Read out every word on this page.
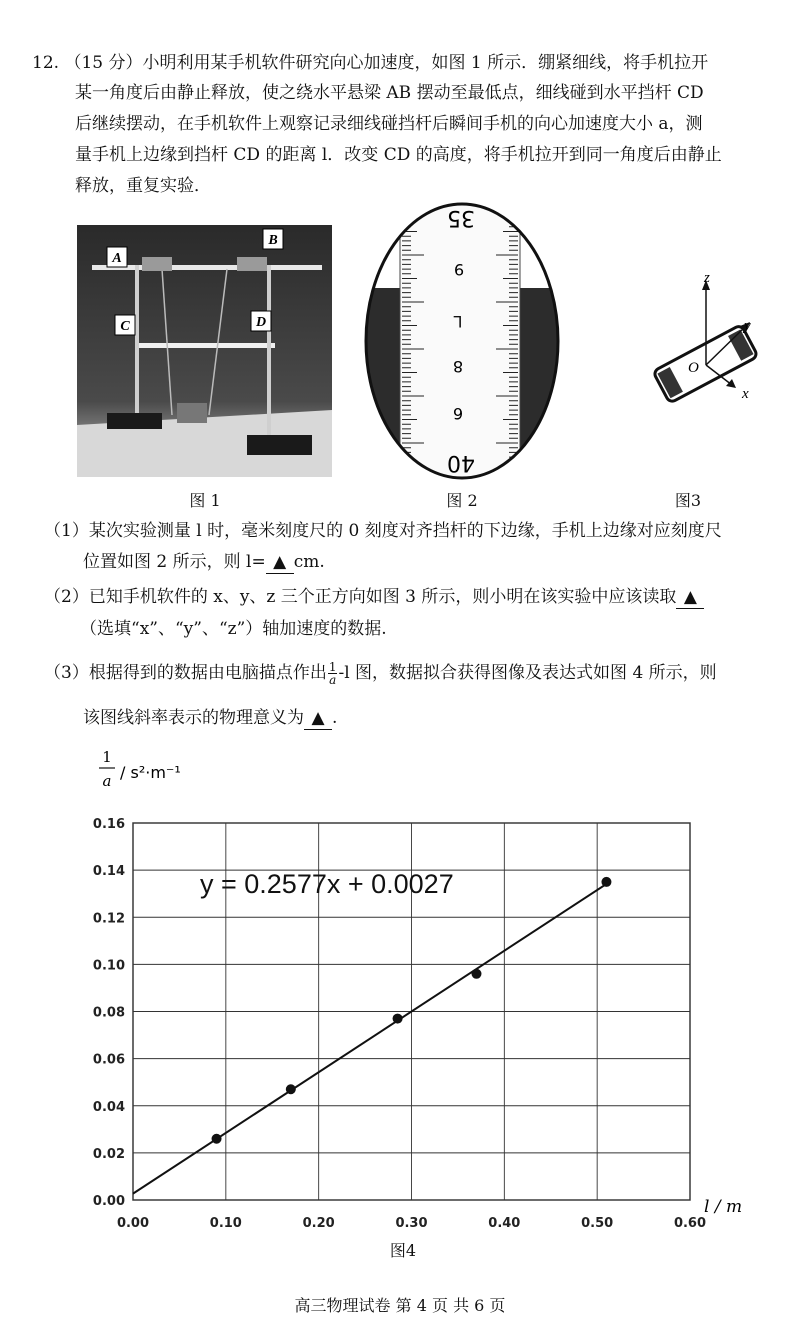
12. （15 分）小明利用某手机软件研究向心加速度，如图 1 所示．绷紧细线，将手机拉开
某一角度后由静止释放，使之绕水平悬梁 AB 摆动至最低点，细线碰到水平挡杆 CD
后继续摆动，在手机软件上观察记录细线碰挡杆后瞬间手机的向心加速度大小 a，测
量手机上边缘到挡杆 CD 的距离 l．改变 CD 的高度，将手机拉开到同一角度后由静止
释放，重复实验．
A
B
C	D
图 1
35
9
L
8
6
40
图 2
z
y
O
x
图3
（1）某次实验测量 l 时，毫米刻度尺的 0 刻度对齐挡杆的下边缘，手机上边缘对应刻度尺
位置如图 2 所示，则 l= ▲ cm.
（2）已知手机软件的 x、y、z 三个正方向如图 3 所示，则小明在该实验中应该读取 ▲
（选填“x”、“y”、“z”）轴加速度的数据.
（3）根据得到的数据由电脑描点作出 $\frac{1}{a} -l$ 图，数据拟合获得图像及表达式如图 4 所示，则
该图线斜率表示的物理意义为 ▲ .
1
a / s²·m⁻¹
0.00
0.02
0.04
0.06
0.08
0.10
0.12
0.14
0.16
0.00	0.10	0.20	0.30	0.40	0.50	0.60
y = 0.2577x + 0.0027
l / m
图4
高三物理试卷 第 4 页 共 6 页
